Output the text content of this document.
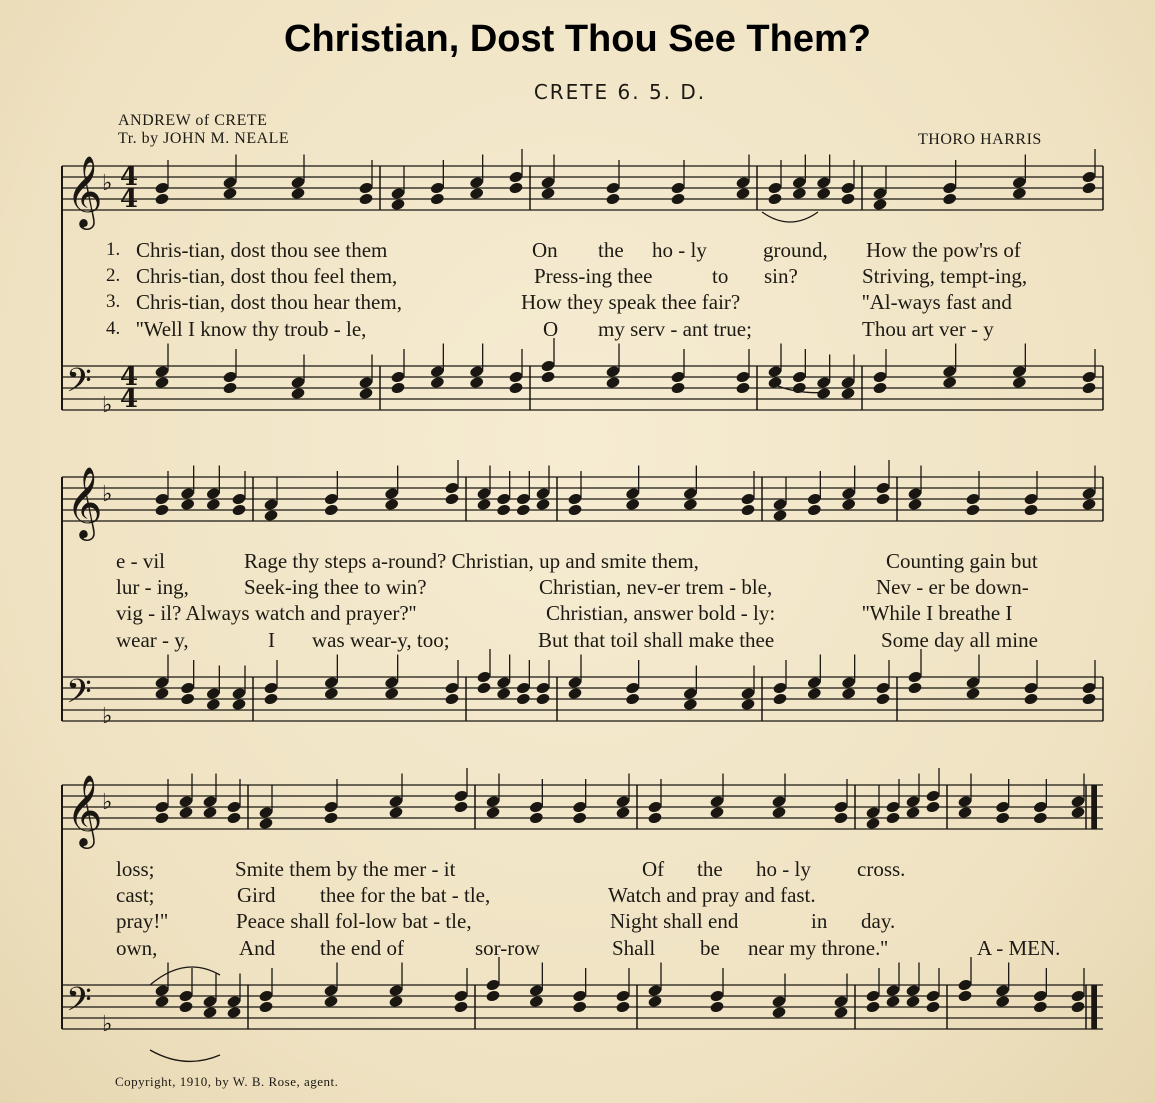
Christian, Dost Thou See Them?
CRETE 6. 5. D.
ANDREW of CRETE
Tr. by JOHN M. NEALE	THORO HARRIS
𝄞 ♭ 4
4
𝄢 ♭
4
4
𝄞 ♭
𝄢 ♭
𝄞 ♭
𝄢 ♭
1. Chris-tian, dost thou see them	On the ho - ly	ground, How the pow'rs of
2. Chris-tian, dost thou feel them,	Press-ing thee	to sin?	Striving, tempt-ing,
3. Chris-tian, dost thou hear them,	How they speak thee fair?	''Al-ways fast and
4. ''Well I know thy troub - le,	O my serv - ant true;	Thou art ver - y
e - vil	Rage thy steps a-round? Christian, up and smite them,	Counting gain but
lur - ing,	Seek-ing thee to win?	Christian, nev-er trem - ble,	Nev - er be down-
vig - il? Always watch and prayer?''	Christian, answer bold - ly:	''While I breathe I
wear - y,	I was wear-y, too;	But that toil shall make thee	Some day all mine
loss;	Smite them by the mer - it	Of the ho - ly cross.
cast;	Gird thee for the bat - tle,	Watch and pray and fast.
pray!''	Peace shall fol-low bat - tle,	Night shall end	in day.
own,	And the end of	sor-row	Shall be near my throne.''	A - MEN.
Copyright, 1910, by W. B. Rose, agent.
